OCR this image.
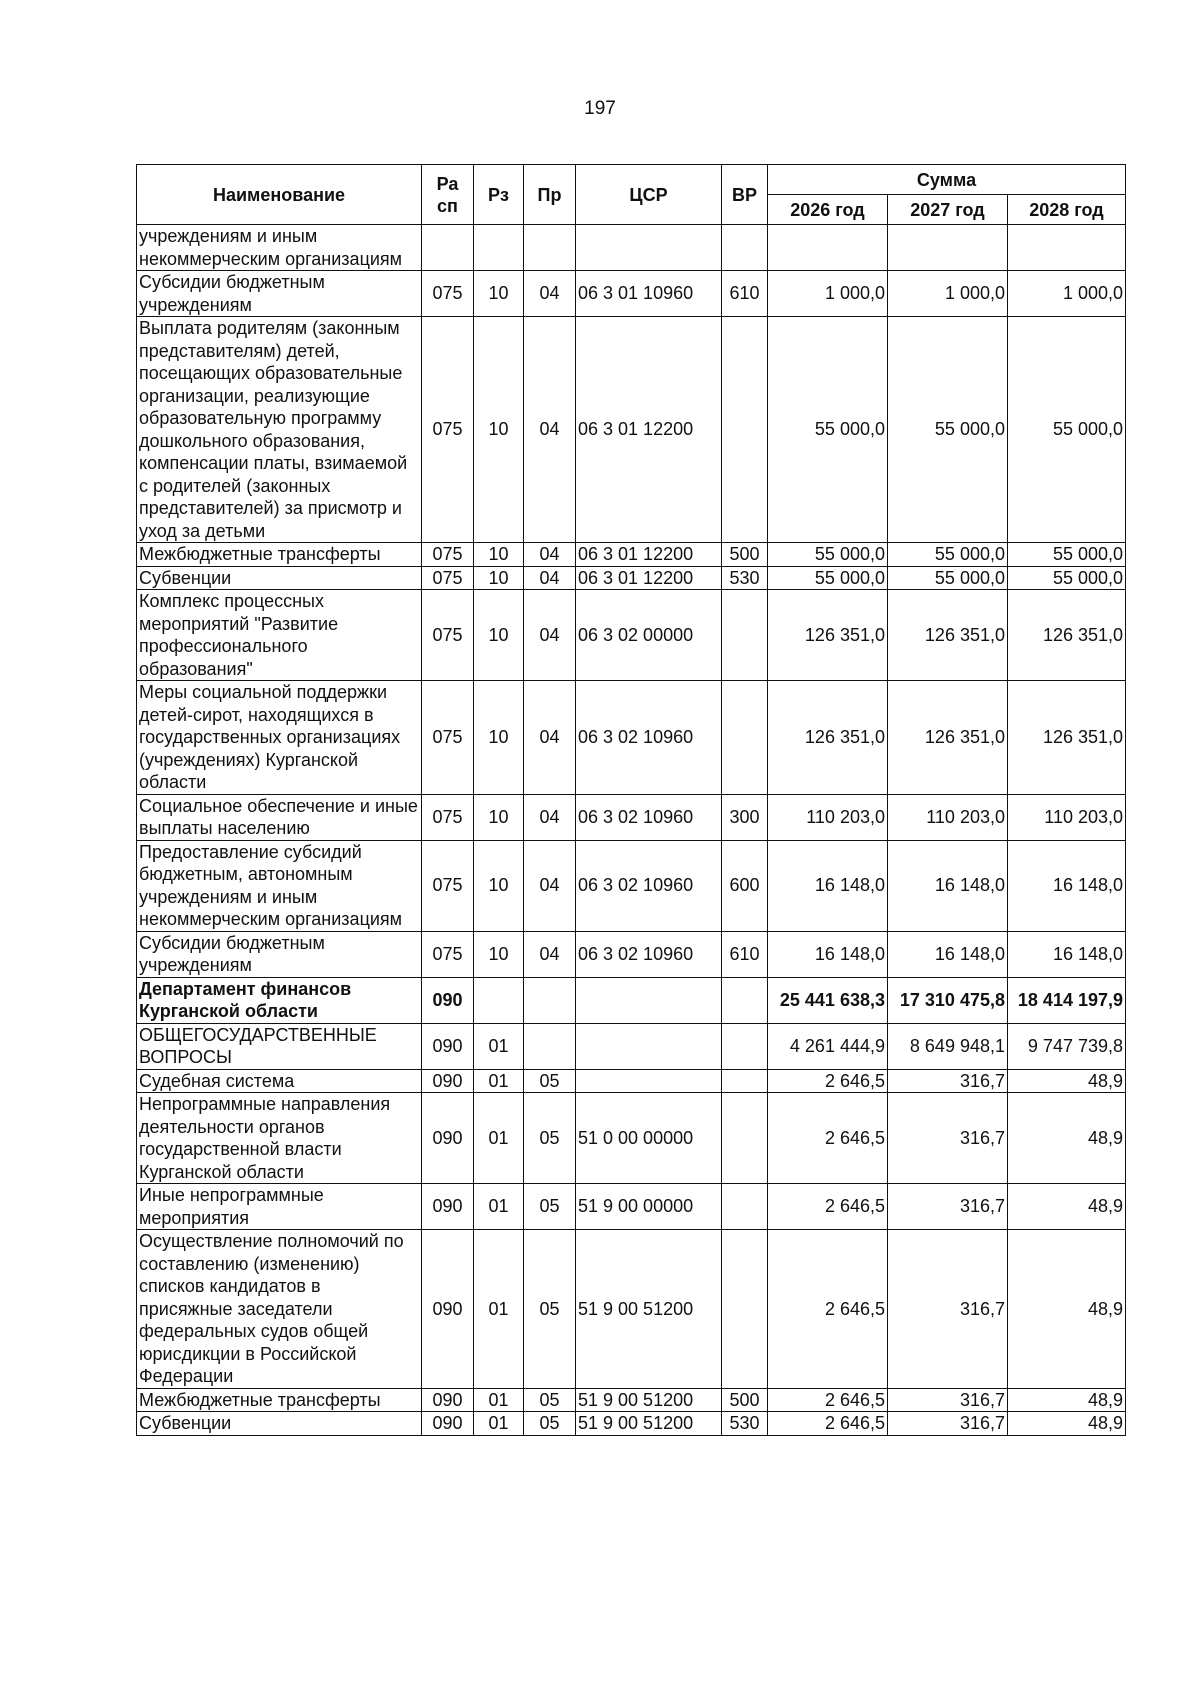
197
Наименование	Ра сп	Рз	Пр	ЦСР	ВР	Сумма		
						2026 год	2027 год	2028 год
учреждениям и иным некоммерческим организациям								
Субсидии бюджетным учреждениям	075	10	04	06 3 01 10960	610	1 000,0	1 000,0	1 000,0
Выплата родителям (законным представителям) детей, посещающих образовательные организации, реализующие образовательную программу дошкольного образования, компенсации платы, взимаемой с родителей (законных представителей) за присмотр и уход за детьми	075	10	04	06 3 01 12200		55 000,0	55 000,0	55 000,0
Межбюджетные трансферты	075	10	04	06 3 01 12200	500	55 000,0	55 000,0	55 000,0
Субвенции	075	10	04	06 3 01 12200	530	55 000,0	55 000,0	55 000,0
Комплекс процессных мероприятий "Развитие профессионального образования"	075	10	04	06 3 02 00000		126 351,0	126 351,0	126 351,0
Меры социальной поддержки детей-сирот, находящихся в государственных организациях (учреждениях) Курганской области	075	10	04	06 3 02 10960		126 351,0	126 351,0	126 351,0
Социальное обеспечение и иные выплаты населению	075	10	04	06 3 02 10960	300	110 203,0	110 203,0	110 203,0
Предоставление субсидий бюджетным, автономным учреждениям и иным некоммерческим организациям	075	10	04	06 3 02 10960	600	16 148,0	16 148,0	16 148,0
Субсидии бюджетным учреждениям	075	10	04	06 3 02 10960	610	16 148,0	16 148,0	16 148,0
Департамент финансов Курганской области	090					25 441 638,3	17 310 475,8	18 414 197,9
ОБЩЕГОСУДАРСТВЕННЫЕ ВОПРОСЫ	090	01				4 261 444,9	8 649 948,1	9 747 739,8
Судебная система	090	01	05			2 646,5	316,7	48,9
Непрограммные направления деятельности органов государственной власти Курганской области	090	01	05	51 0 00 00000		2 646,5	316,7	48,9
Иные непрограммные мероприятия	090	01	05	51 9 00 00000		2 646,5	316,7	48,9
Осуществление полномочий по составлению (изменению) списков кандидатов в присяжные заседатели федеральных судов общей юрисдикции в Российской Федерации	090	01	05	51 9 00 51200		2 646,5	316,7	48,9
Межбюджетные трансферты	090	01	05	51 9 00 51200	500	2 646,5	316,7	48,9
Субвенции	090	01	05	51 9 00 51200	530	2 646,5	316,7	48,9
